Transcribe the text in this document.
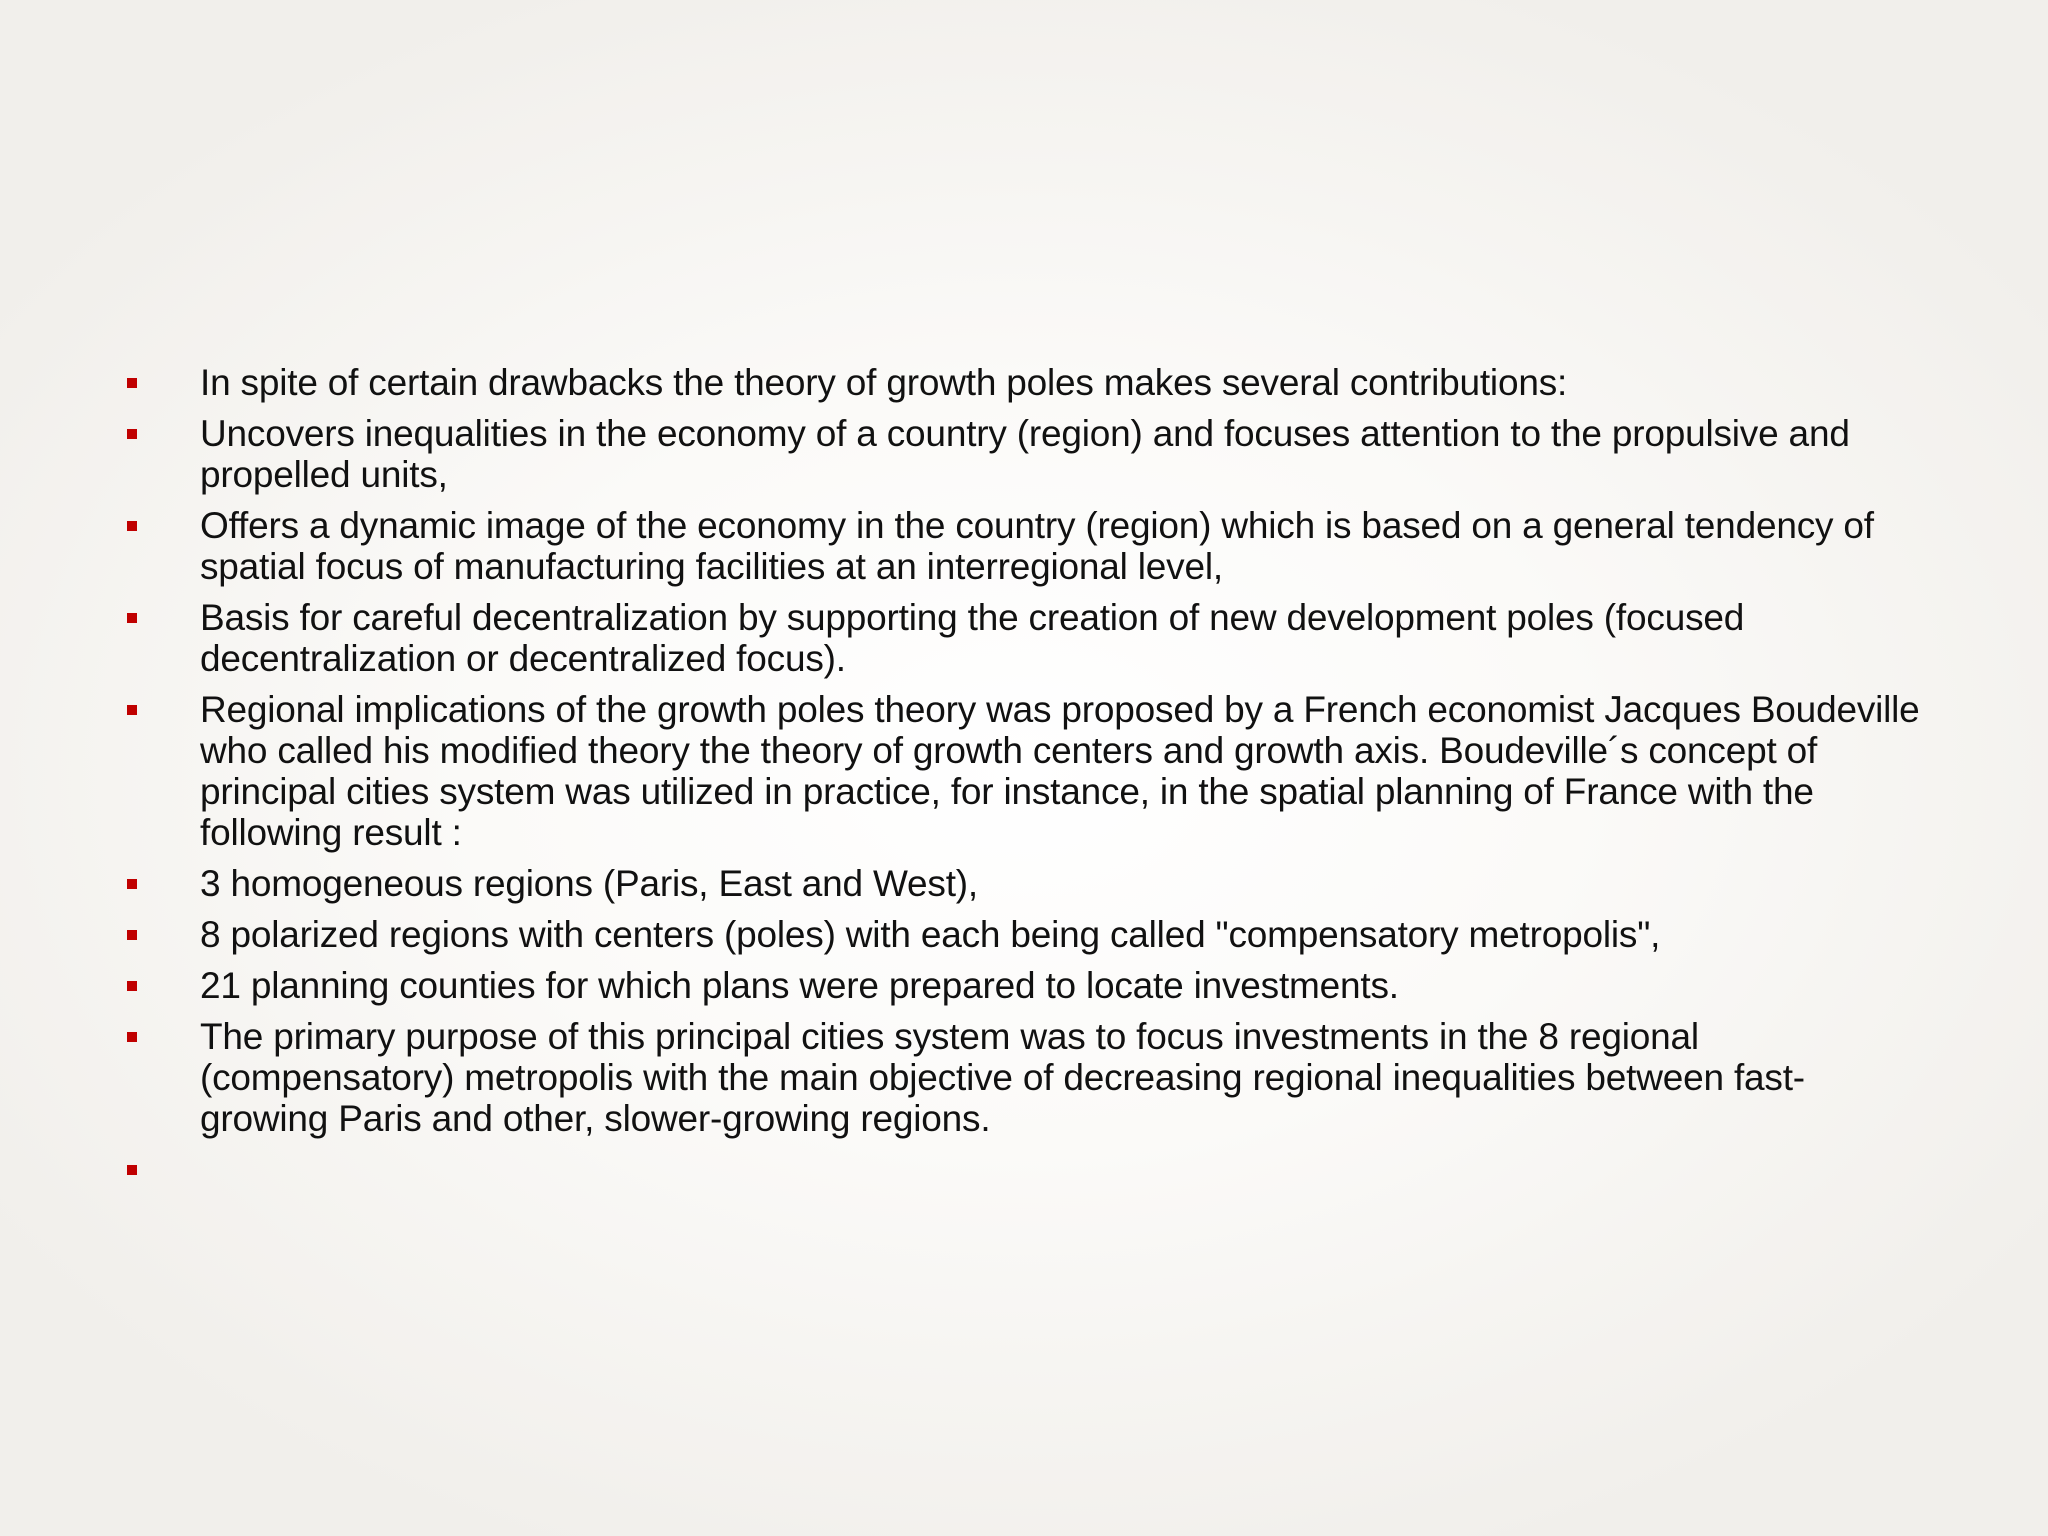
In spite of certain drawbacks the theory of growth poles makes several contributions:
Uncovers inequalities in the economy of a country (region) and focuses attention to the propulsive and propelled units,
Offers a dynamic image of the economy in the country (region) which is based on a general tendency of spatial focus of manufacturing facilities at an interregional level,
Basis for careful decentralization by supporting the creation of new development poles (focused decentralization or decentralized focus).
Regional implications of the growth poles theory was proposed by a French economist Jacques Boudeville who called his modified theory the theory of growth centers and growth axis. Boudeville´s concept of principal cities system was utilized in practice, for instance, in the spatial planning of France with the following result :
3 homogeneous regions (Paris, East and West),
8 polarized regions with centers (poles) with each being called "compensatory metropolis",
21 planning counties for which plans were prepared to locate investments.
The primary purpose of this principal cities system was to focus investments in the 8 regional (compensatory) metropolis with the main objective of decreasing regional inequalities between fast-growing Paris and other, slower-growing regions.
